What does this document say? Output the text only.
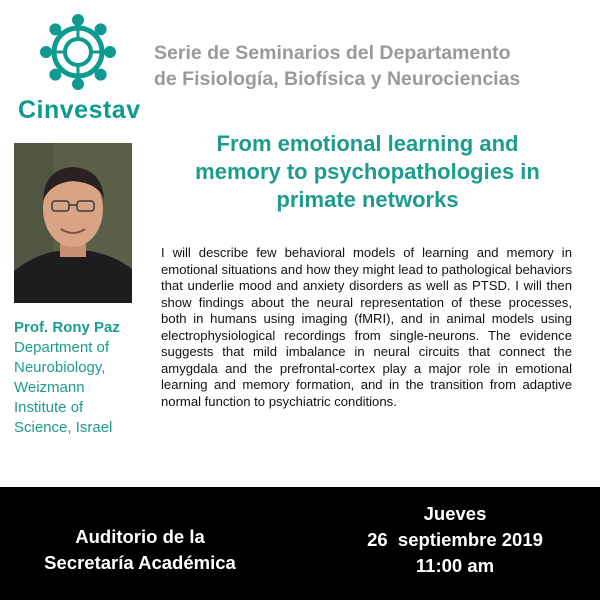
Cinvestav
Serie de Seminarios del Departamento
de Fisiología, Biofísica y Neurociencias
From emotional learning and
memory to psychopathologies in
primate networks
Prof. Rony Paz
Department of
Neurobiology,
Weizmann
Institute of
Science, Israel
I will describe few behavioral models of learning and memory in emotional situations and how they might lead to pathological behaviors that underlie mood and anxiety disorders as well as PTSD. I will then show findings about the neural representation of these processes, both in humans using imaging (fMRI), and in animal models using electrophysiological recordings from single-neurons. The evidence suggests that mild imbalance in neural circuits that connect the amygdala and the prefrontal-cortex play a major role in emotional learning and memory formation, and in the transition from adaptive normal function to psychiatric conditions.
Auditorio de la
Secretaría Académica
Jueves
26  septiembre 2019
11:00 am
